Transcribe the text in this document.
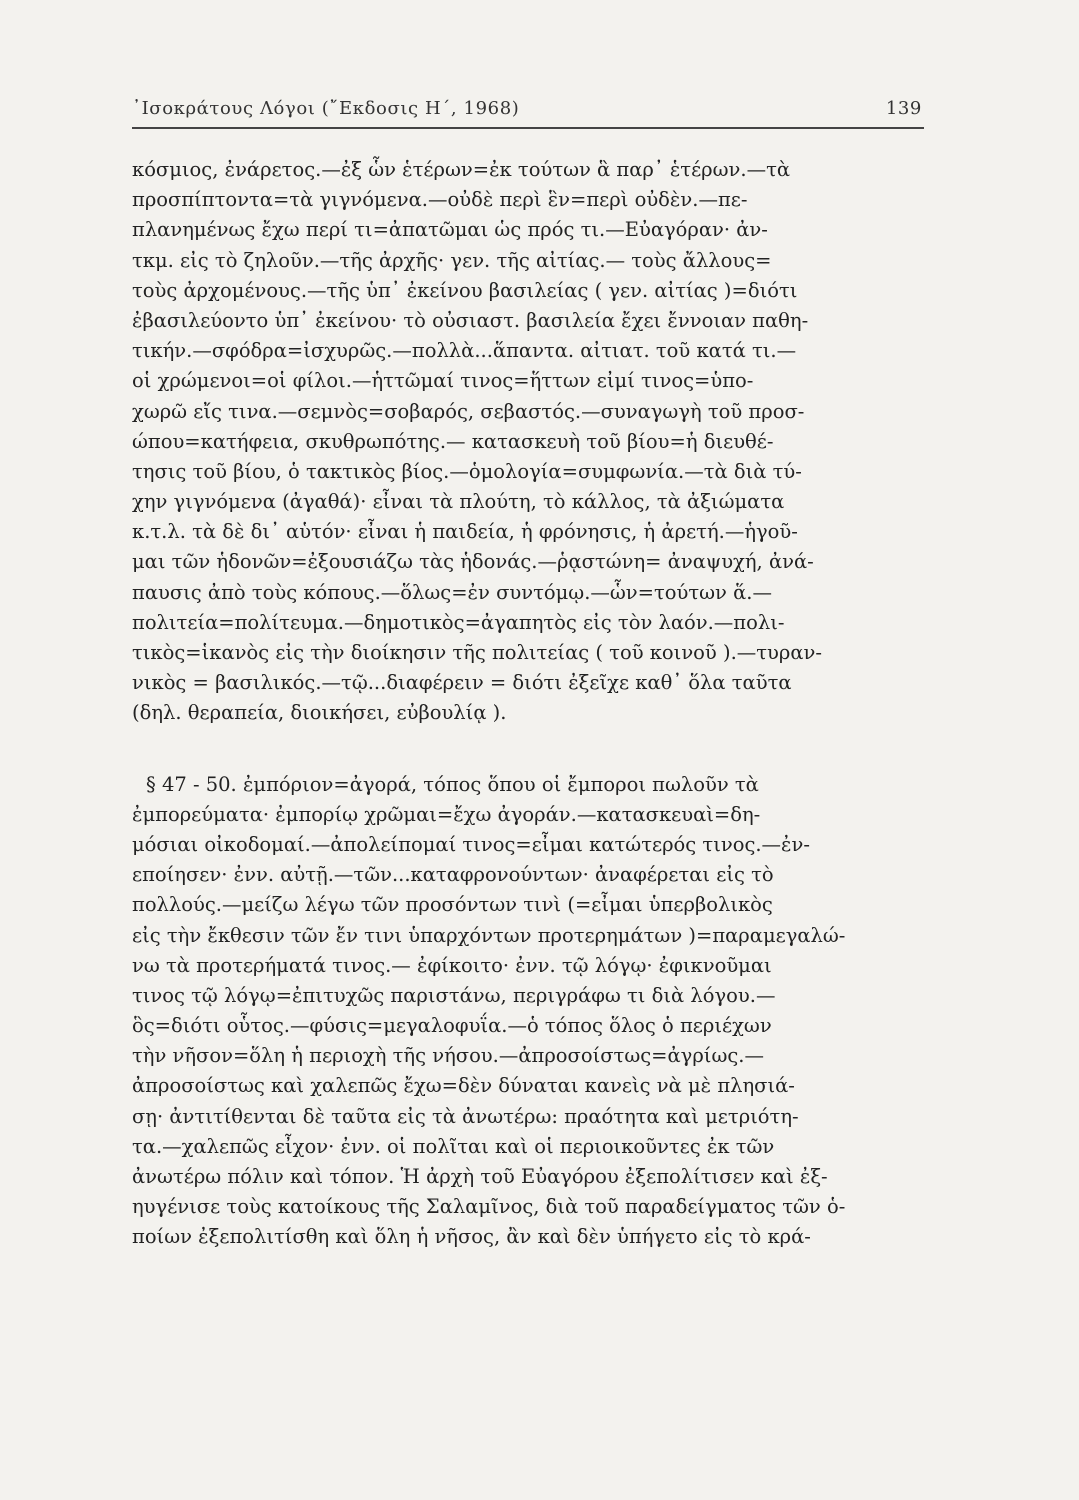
᾽Ισοκράτους Λόγοι (῎Εκδοσις Η΄, 1968)	139
κόσμιος, ἐνάρετος.—ἐξ ὧν ἑτέρων=ἐκ τούτων ἃ παρ᾽ ἑτέρων.—τὰ
προσπίπτοντα=τὰ γιγνόμενα.—οὐδὲ περὶ ἓν=περὶ οὐδὲν.—πε-
πλανημένως ἔχω περί τι=ἀπατῶμαι ὡς πρός τι.—Εὐαγόραν· ἀν-
τκμ. εἰς τὸ ζηλοῦν.—τῆς ἀρχῆς· γεν. τῆς αἰτίας.— τοὺς ἄλλους=
τοὺς ἀρχομένους.—τῆς ὑπ᾽ ἐκείνου βασιλείας ( γεν. αἰτίας )=διότι
ἐβασιλεύοντο ὑπ᾽ ἐκείνου· τὸ οὐσιαστ. βασιλεία ἔχει ἔννοιαν παθη-
τικήν.—σφόδρα=ἰσχυρῶς.—πολλὰ...ἅπαντα. αἰτιατ. τοῦ κατά τι.—
οἱ χρώμενοι=οἱ φίλοι.—ἡττῶμαί τινος=ἥττων εἰμί τινος=ὑπο-
χωρῶ εἴς τινα.—σεμνὸς=σοβαρός, σεβαστός.—συναγωγὴ τοῦ προσ-
ώπου=κατήφεια, σκυθρωπότης.— κατασκευὴ τοῦ βίου=ἡ διευθέ-
τησις τοῦ βίου, ὁ τακτικὸς βίος.—ὁμολογία=συμφωνία.—τὰ διὰ τύ-
χην γιγνόμενα (ἀγαθά)· εἶναι τὰ πλούτη, τὸ κάλλος, τὰ ἀξιώματα
κ.τ.λ. τὰ δὲ δι᾽ αὑτόν· εἶναι ἡ παιδεία, ἡ φρόνησις, ἡ ἀρετή.—ἡγοῦ-
μαι τῶν ἡδονῶν=ἐξουσιάζω τὰς ἡδονάς.—ῥᾳστώνη= ἀναψυχή, ἀνά-
παυσις ἀπὸ τοὺς κόπους.—ὅλως=ἐν συντόμῳ.—ὧν=τούτων ἅ.—
πολιτεία=πολίτευμα.—δημοτικὸς=ἀγαπητὸς εἰς τὸν λαόν.—πολι-
τικὸς=ἱκανὸς εἰς τὴν διοίκησιν τῆς πολιτείας ( τοῦ κοινοῦ ).—τυραν-
νικὸς = βασιλικός.—τῷ...διαφέρειν = διότι ἐξεῖχε καθ᾽ ὅλα ταῦτα
(δηλ. θεραπεία, διοικήσει, εὐβουλίᾳ ).
§ 47 - 50. ἐμπόριον=ἀγορά, τόπος ὅπου οἱ ἔμποροι πωλοῦν τὰ
ἐμπορεύματα· ἐμπορίῳ χρῶμαι=ἔχω ἀγοράν.—κατασκευαὶ=δη-
μόσιαι οἰκοδομαί.—ἀπολείπομαί τινος=εἶμαι κατώτερός τινος.—ἐν-
εποίησεν· ἐνν. αὐτῇ.—τῶν...καταφρονούντων· ἀναφέρεται εἰς τὸ
πολλούς.—μείζω λέγω τῶν προσόντων τινὶ (=εἶμαι ὑπερβολικὸς
εἰς τὴν ἔκθεσιν τῶν ἔν τινι ὑπαρχόντων προτερημάτων )=παραμεγαλώ-
νω τὰ προτερήματά τινος.— ἐφίκοιτο· ἐνν. τῷ λόγῳ· ἐφικνοῦμαι
τινος τῷ λόγῳ=ἐπιτυχῶς παριστάνω, περιγράφω τι διὰ λόγου.—
ὃς=διότι οὗτος.—φύσις=μεγαλοφυΐα.—ὁ τόπος ὅλος ὁ περιέχων
τὴν νῆσον=ὅλη ἡ περιοχὴ τῆς νήσου.—ἀπροσοίστως=ἀγρίως.—
ἀπροσοίστως καὶ χαλεπῶς ἔχω=δὲν δύναται κανεὶς νὰ μὲ πλησιά-
σῃ· ἀντιτίθενται δὲ ταῦτα εἰς τὰ ἀνωτέρω: πραότητα καὶ μετριότη-
τα.—χαλεπῶς εἶχον· ἐνν. οἱ πολῖται καὶ οἱ περιοικοῦντες ἐκ τῶν
ἀνωτέρω πόλιν καὶ τόπον. Ἡ ἀρχὴ τοῦ Εὐαγόρου ἐξεπολίτισεν καὶ ἐξ-
ηυγένισε τοὺς κατοίκους τῆς Σαλαμῖνος, διὰ τοῦ παραδείγματος τῶν ὁ-
ποίων ἐξεπολιτίσθη καὶ ὅλη ἡ νῆσος, ἂν καὶ δὲν ὑπήγετο εἰς τὸ κρά-
